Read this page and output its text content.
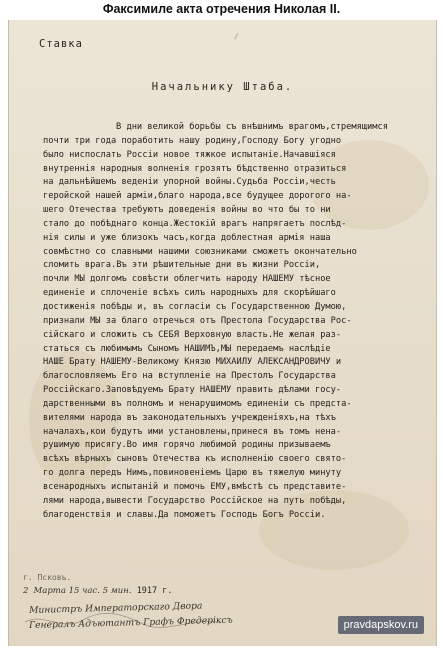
Факсимиле акта отречения Николая II.
⁄⁄
Ставка
Начальнику Штаба.
В дни великой борьбы съ внѣшнимъ врагомъ,стремящимся
почти три года поработить нашу родину,Господу Богу угодно
было ниспослать Россiи новое тяжкое испытанiе.Начавшiяся
внутреннiя народныя волненiя грозятъ бѣдственно отразиться
на дальнѣйшемъ веденiи упорной войны.Судьба Россiи,честь
геройской нашей армiи,благо народа,все будущее дорогого на-
шего Отечества требуютъ доведенiя войны во что бы то ни
стало до побѣднаго конца.Жестокiй врагъ напрягаетъ послѣд-
нiя силы и уже близокъ часъ,когда доблестная армiя наша
совмѣстно со славными нашими союзниками сможетъ окончательно
сломить врага.Въ эти рѣшительные дни въ жизни Россiи,
почли МЫ долгомъ совѣсти облегчить народу НАШЕМУ тѣсное
единенiе и сплоченiе всѣхъ силъ народныхъ для скорѣйшаго
достиженiя побѣды и, въ согласiи съ Государственною Думою,
признали МЫ за благо отречься отъ Престола Государства Рос-
сiйскаго и сложить съ СЕБЯ Верховную власть.Не желая раз-
статься съ любимымъ Сыномъ НАШИМЪ,МЫ передаемъ наслѣдiе
НАШЕ Брату НАШЕМУ-Великому Князю МИХАИЛУ АЛЕКСАНДРОВИЧУ и
благословляемъ Его на вступленiе на Престолъ Государства
Россiйскаго.Заповѣдуемъ Брату НАШЕМУ править дѣлами госу-
дарственными въ полномъ и ненарушимомъ единенiи съ предста-
вителями народа въ законодательныхъ учрежденiяхъ,на тѣхъ
началахъ,кои будутъ ими установлены,принеся въ томъ нена-
рушимую присягу.Во имя горячо любимой родины призываемъ
всѣхъ вѣрныхъ сыновъ Отечества къ исполненiю своего свято-
го долга передъ Нимъ,повиновенiемъ Царю въ тяжелую минуту
всенародныхъ испытанiй и помочь ЕМУ,вмѣстѣ съ представите-
лями народа,вывести Государство Россiйское на путь побѣды,
благоденствiя и славы.Да поможетъ Господь Богъ Россiи.
г. Псковъ.
2 Марта 15 час. 5 мин. 1917 г.
Министръ Императорскаго Двора
Генералъ Адъютантъ Графъ Фредерiксъ	pravdapskov.ru
